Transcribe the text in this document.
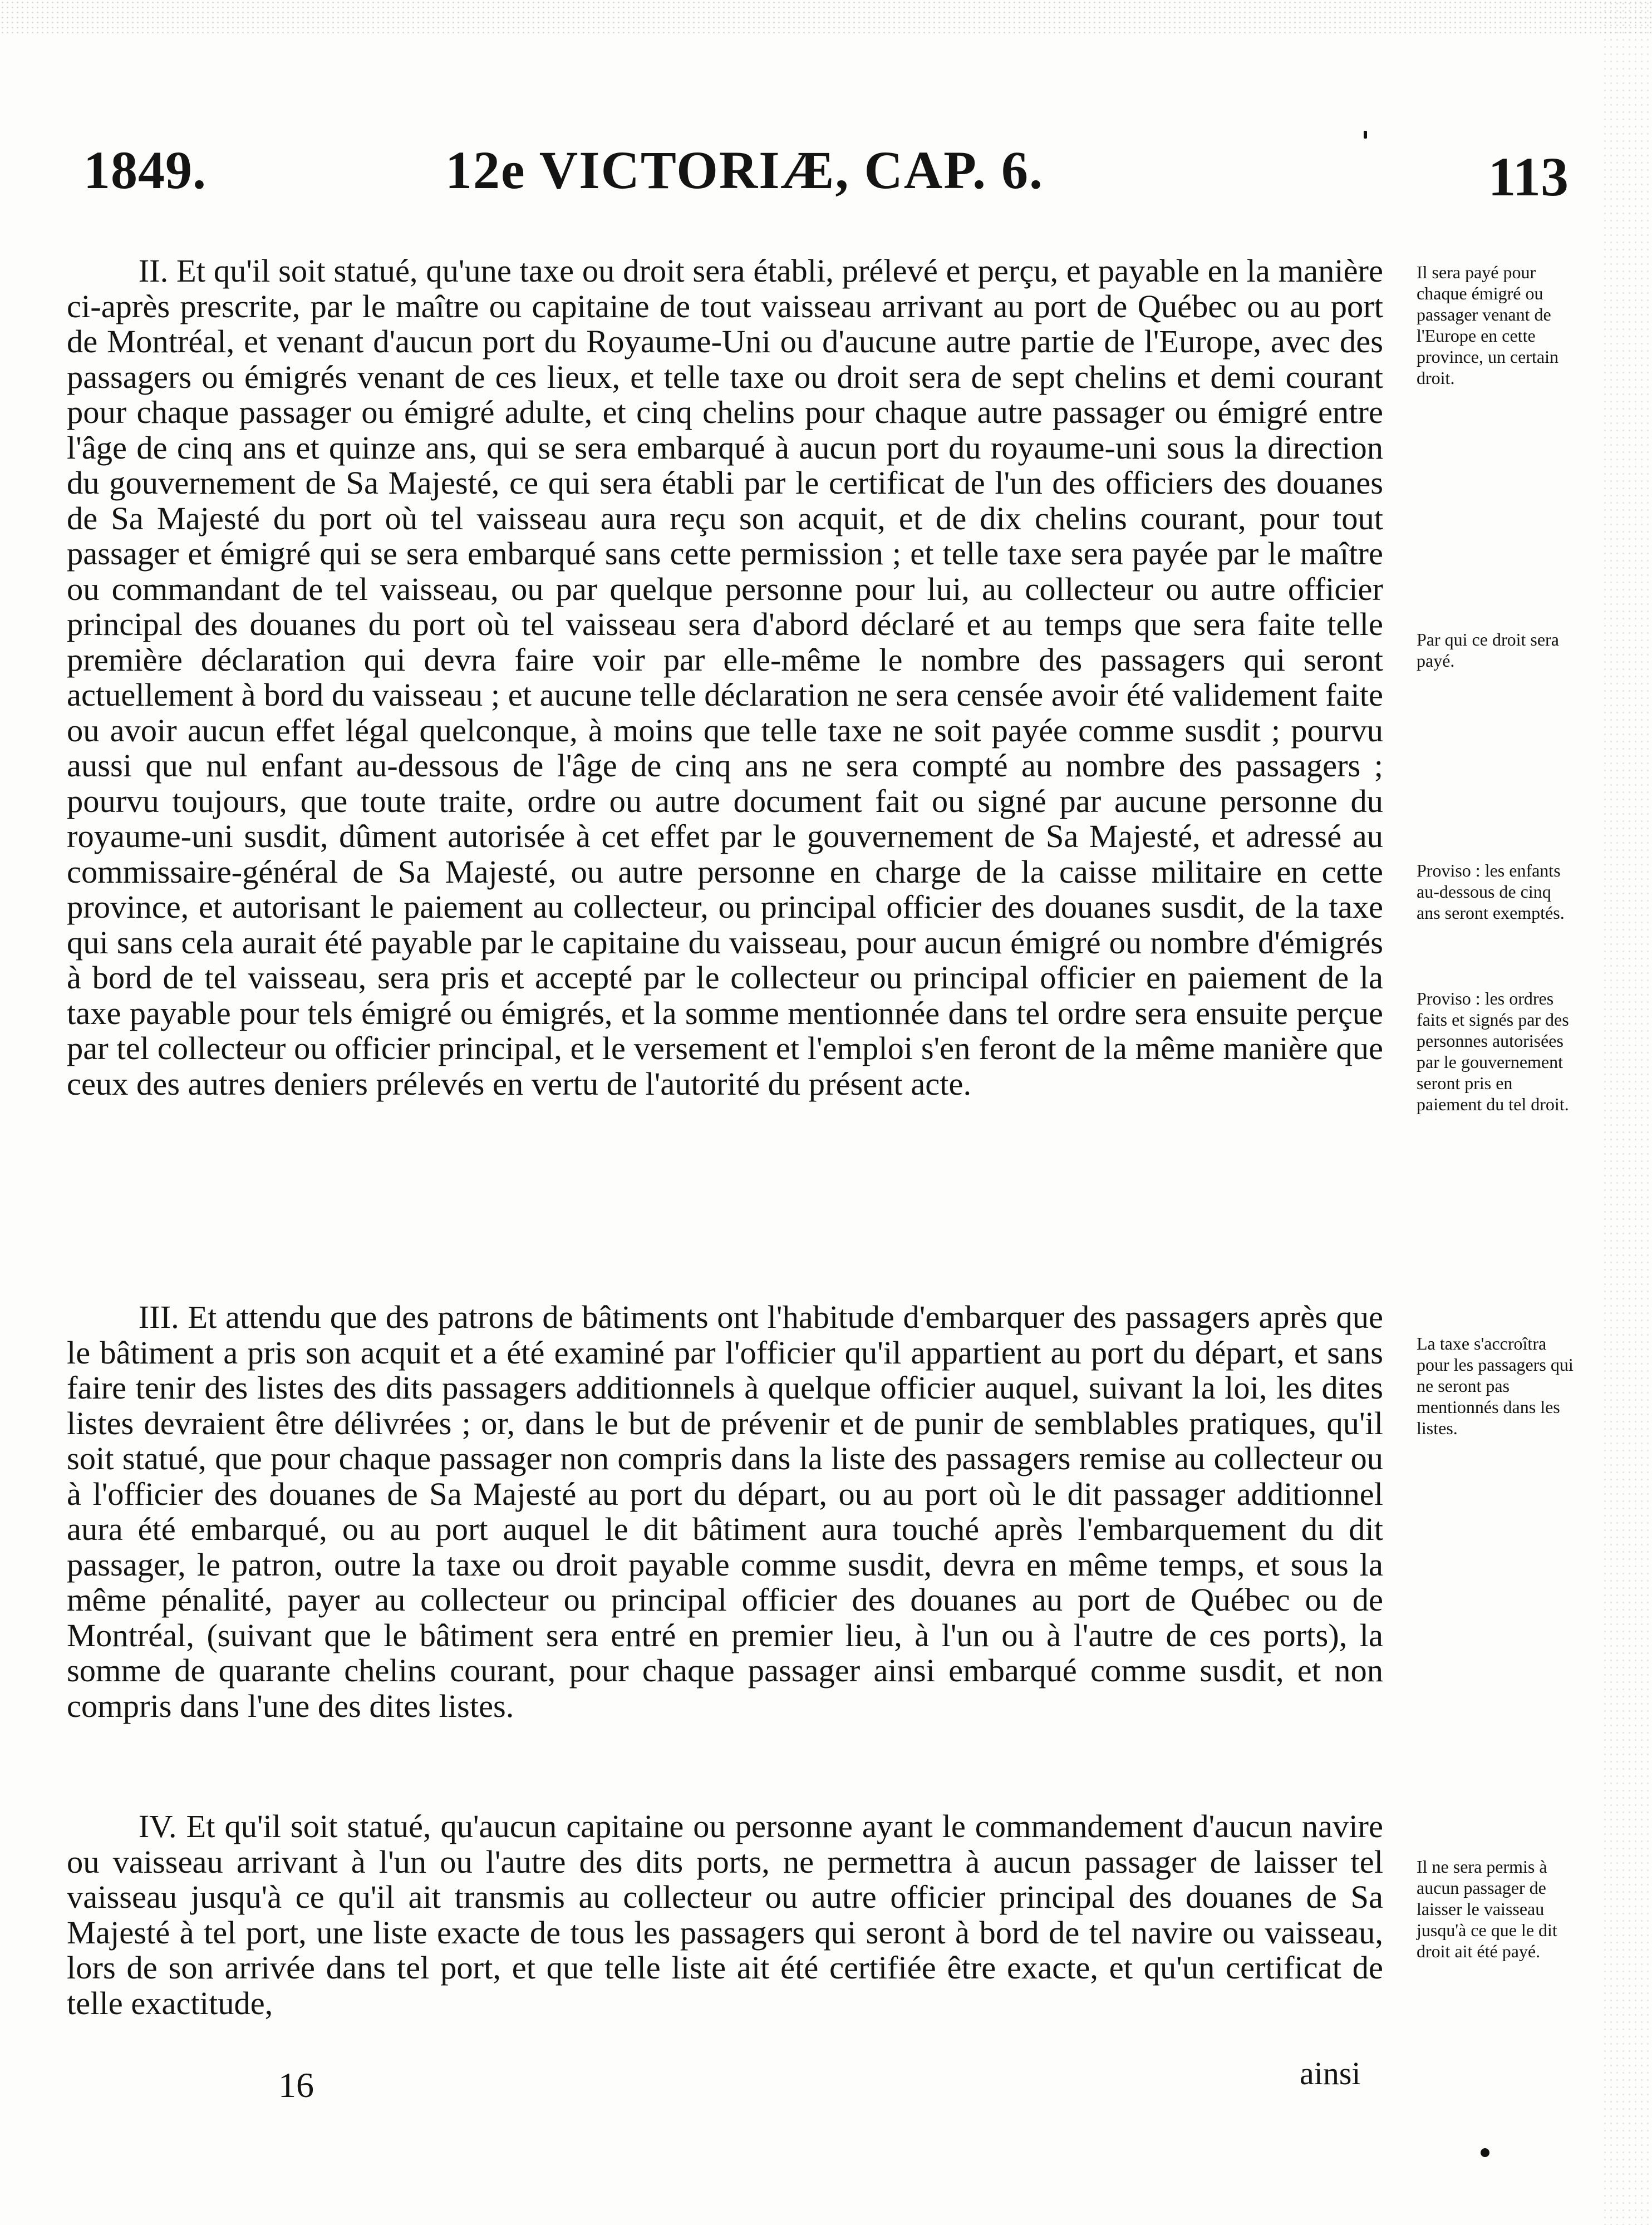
1849.	12e VICTORIÆ, CAP. 6.	113

II. Et qu'il soit statué, qu'une taxe ou droit sera établi, prélevé et perçu, et payable en la manière ci-après prescrite, par le maître ou capitaine de tout vaisseau arrivant au port de Québec ou au port de Montréal, et venant d'aucun port du Royaume-Uni ou d'aucune autre partie de l'Europe, avec des passagers ou émigrés venant de ces lieux, et telle taxe ou droit sera de sept chelins et demi courant pour chaque passager ou émigré adulte, et cinq chelins pour chaque autre passager ou émigré entre l'âge de cinq ans et quinze ans, qui se sera embarqué à aucun port du royaume-uni sous la direction du gouvernement de Sa Majesté, ce qui sera établi par le certificat de l'un des officiers des douanes de Sa Majesté du port où tel vaisseau aura reçu son acquit, et de dix chelins courant, pour tout passager et émigré qui se sera embarqué sans cette permission ; et telle taxe sera payée par le maître ou commandant de tel vaisseau, ou par quelque personne pour lui, au collecteur ou autre officier principal des douanes du port où tel vaisseau sera d'abord déclaré et au temps que sera faite telle première déclaration qui devra faire voir par elle-même le nombre des passagers qui seront actuellement à bord du vaisseau ; et aucune telle déclaration ne sera censée avoir été validement faite ou avoir aucun effet légal quelconque, à moins que telle taxe ne soit payée comme susdit ; pourvu aussi que nul enfant au-dessous de l'âge de cinq ans ne sera compté au nombre des passagers ; pourvu toujours, que toute traite, ordre ou autre document fait ou signé par aucune personne du royaume-uni susdit, dûment autorisée à cet effet par le gouvernement de Sa Majesté, et adressé au commissaire-général de Sa Majesté, ou autre personne en charge de la caisse militaire en cette province, et autorisant le paiement au collecteur, ou principal officier des douanes susdit, de la taxe qui sans cela aurait été payable par le capitaine du vaisseau, pour aucun émigré ou nombre d'émigrés à bord de tel vaisseau, sera pris et accepté par le collecteur ou principal officier en paiement de la taxe payable pour tels émigré ou émigrés, et la somme mentionnée dans tel ordre sera ensuite perçue par tel collecteur ou officier principal, et le versement et l'emploi s'en feront de la même manière que ceux des autres deniers prélevés en vertu de l'autorité du présent acte.

III. Et attendu que des patrons de bâtiments ont l'habitude d'embarquer des passagers après que le bâtiment a pris son acquit et a été examiné par l'officier qu'il appartient au port du départ, et sans faire tenir des listes des dits passagers additionnels à quelque officier auquel, suivant la loi, les dites listes devraient être délivrées ; or, dans le but de prévenir et de punir de semblables pratiques, qu'il soit statué, que pour chaque passager non compris dans la liste des passagers remise au collecteur ou à l'officier des douanes de Sa Majesté au port du départ, ou au port où le dit passager additionnel aura été embarqué, ou au port auquel le dit bâtiment aura touché après l'embarquement du dit passager, le patron, outre la taxe ou droit payable comme susdit, devra en même temps, et sous la même pénalité, payer au collecteur ou principal officier des douanes au port de Québec ou de Montréal, (suivant que le bâtiment sera entré en premier lieu, à l'un ou à l'autre de ces ports), la somme de quarante chelins courant, pour chaque passager ainsi embarqué comme susdit, et non compris dans l'une des dites listes.

IV. Et qu'il soit statué, qu'aucun capitaine ou personne ayant le commandement d'aucun navire ou vaisseau arrivant à l'un ou l'autre des dits ports, ne permettra à aucun passager de laisser tel vaisseau jusqu'à ce qu'il ait transmis au collecteur ou autre officier principal des douanes de Sa Majesté à tel port, une liste exacte de tous les passagers qui seront à bord de tel navire ou vaisseau, lors de son arrivée dans tel port, et que telle liste ait été certifiée être exacte, et qu'un certificat de telle exactitude,

Il sera payé pour chaque émigré ou passager venant de l'Europe en cette province, un certain droit.

Par qui ce droit sera payé.

Proviso : les enfants au-dessous de cinq ans seront exemptés.

Proviso : les ordres faits et signés par des personnes autorisées par le gouvernement seront pris en paiement du tel droit.

La taxe s'accroîtra pour les passagers qui ne seront pas mentionnés dans les listes.

Il ne sera permis à aucun passager de laisser le vaisseau jusqu'à ce que le dit droit ait été payé.

16	ainsi
